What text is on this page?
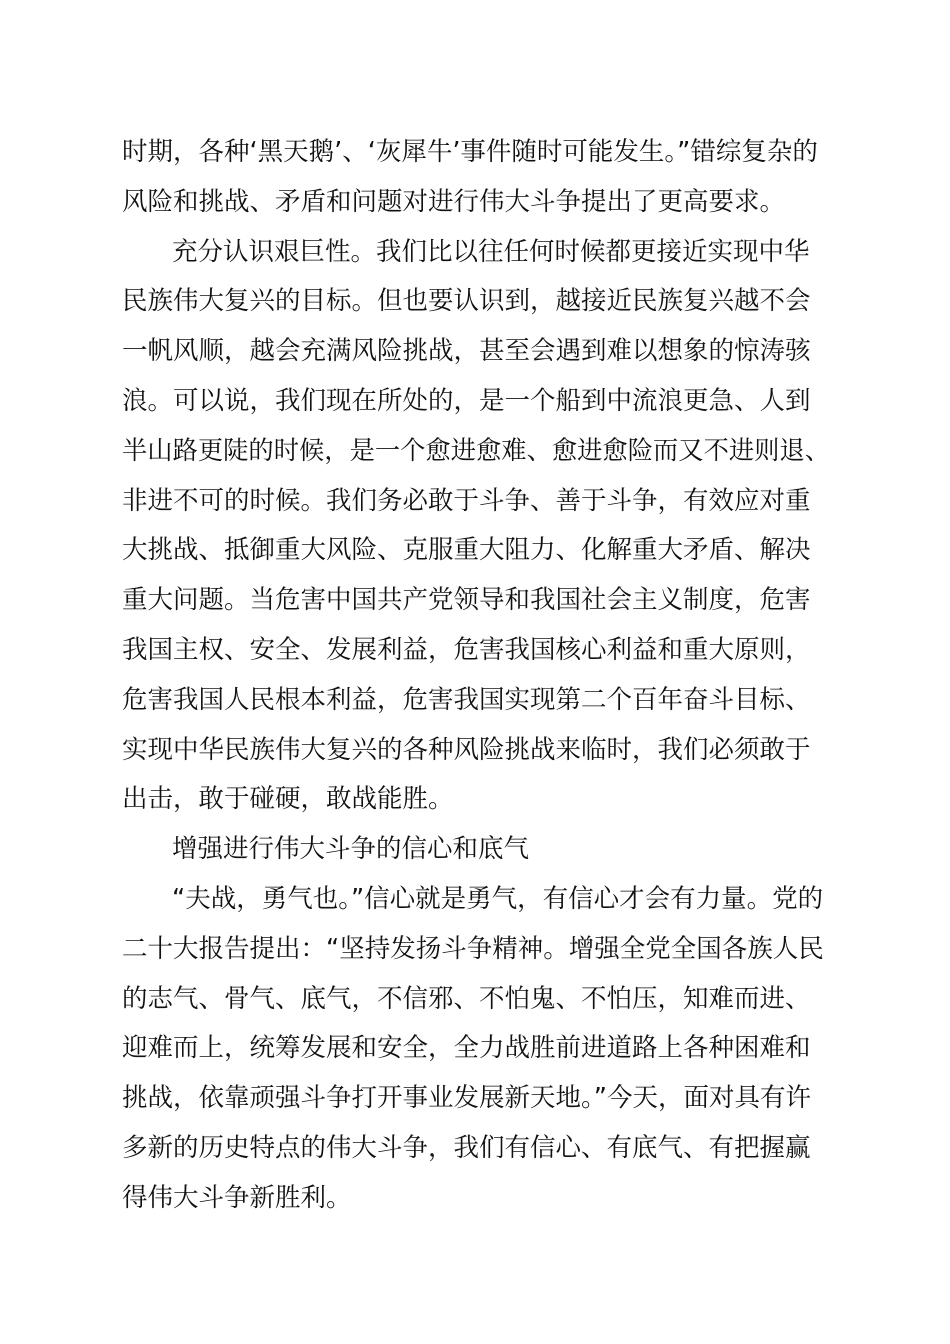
时期，各种‘黑天鹅’、‘灰犀牛’事件随时可能发生。”错综复杂的
风险和挑战、矛盾和问题对进行伟大斗争提出了更高要求。
充分认识艰巨性。我们比以往任何时候都更接近实现中华
民族伟大复兴的目标。但也要认识到，越接近民族复兴越不会
一帆风顺，越会充满风险挑战，甚至会遇到难以想象的惊涛骇
浪。可以说，我们现在所处的，是一个船到中流浪更急、人到
半山路更陡的时候，是一个愈进愈难、愈进愈险而又不进则退、
非进不可的时候。我们务必敢于斗争、善于斗争，有效应对重
大挑战、抵御重大风险、克服重大阻力、化解重大矛盾、解决
重大问题。当危害中国共产党领导和我国社会主义制度，危害
我国主权、安全、发展利益，危害我国核心利益和重大原则，
危害我国人民根本利益，危害我国实现第二个百年奋斗目标、
实现中华民族伟大复兴的各种风险挑战来临时，我们必须敢于
出击，敢于碰硬，敢战能胜。
增强进行伟大斗争的信心和底气
“夫战，勇气也。”信心就是勇气，有信心才会有力量。党的
二十大报告提出：“坚持发扬斗争精神。增强全党全国各族人民
的志气、骨气、底气，不信邪、不怕鬼、不怕压，知难而进、
迎难而上，统筹发展和安全，全力战胜前进道路上各种困难和
挑战，依靠顽强斗争打开事业发展新天地。”今天，面对具有许
多新的历史特点的伟大斗争，我们有信心、有底气、有把握赢
得伟大斗争新胜利。
